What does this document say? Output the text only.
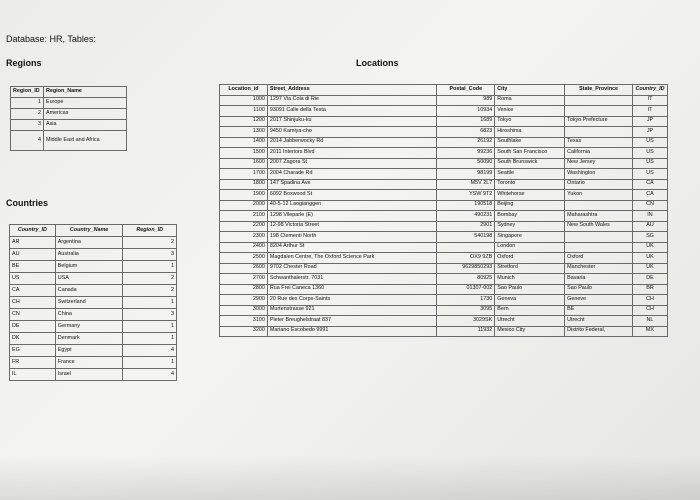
Database: HR, Tables:
Regions	Locations
Countries
Region_ID	Region_Name
1	Europe
2	Americas
3	Asia
4	Middle East and Africa
Country_ID	Country_Name	Region_ID
AR	Argentina	2
AU	Australia	3
BE	Belgium	1
US	USA	2
CA	Canada	2
CH	Switzerland	1
CN	China	3
DE	Germany	1
DK	Denmark	1
EG	Egypt	4
FR	France	1
IL	Israel	4
Location_id	Street_Address	Postal_Code	City	State_Province	Country_ID
1000	1297 Via Cola di Rie	989	Roma		IT
1100	93091 Calle della Testa	10934	Venice		IT
1200	2017 Shinjuku-ku	1689	Tokyo	Tokyo Prefecture	JP
1300	9450 Kamiya-cho	6823	Hiroshima		JP
1400	2014 Jabberwocky Rd	26192	Southlake	Texas	US
1500	2011 Interiors Blvd	99236	South San Francisco	California	US
1600	2007 Zagora St	50090	South Brunswick	New Jersey	US
1700	2004 Charade Rd	98199	Seattle	Washington	US
1800	147 Spadina Ave	M5V 2L7	Toronto	Ontario	CA
1900	6092 Boxwood St	YSW 9T2	Whitehorse	Yukon	CA
2000	40-5-12 Laogianggen	190518	Beijing		CN
2100	1298 Vileparle (E)	490231	Bombay	Maharashtra	IN
2200	12-98 Victoria Street	2901	Sydney	New South Wales	AU
2300	198 Clementi North	540198	Singapore		SG
2400	8204 Arthur St		London		UK
2500	Magdalen Centre, The Oxford Science Park	OX9 9ZB	Oxford	Oxford	UK
2600	9702 Chester Road	9629850293	Stretford	Manchester	UK
2700	Schwanthalerstr. 7031	80925	Munich	Bavaria	DE
2800	Rua Frei Caneca 1360	01307-002	Sao Paulo	Sao Paulo	BR
2900	20 Rue des Corps-Saints	1730	Geneva	Geneve	CH
3000	Murtenstrasse 921	3095	Bern	BE	CH
3100	Pieter Breughelstraat 837	3029SK	Utrecht	Utrecht	NL
3200	Mariano Escobedo 9991	11932	Mexico City	Distrito Federal,	MX
